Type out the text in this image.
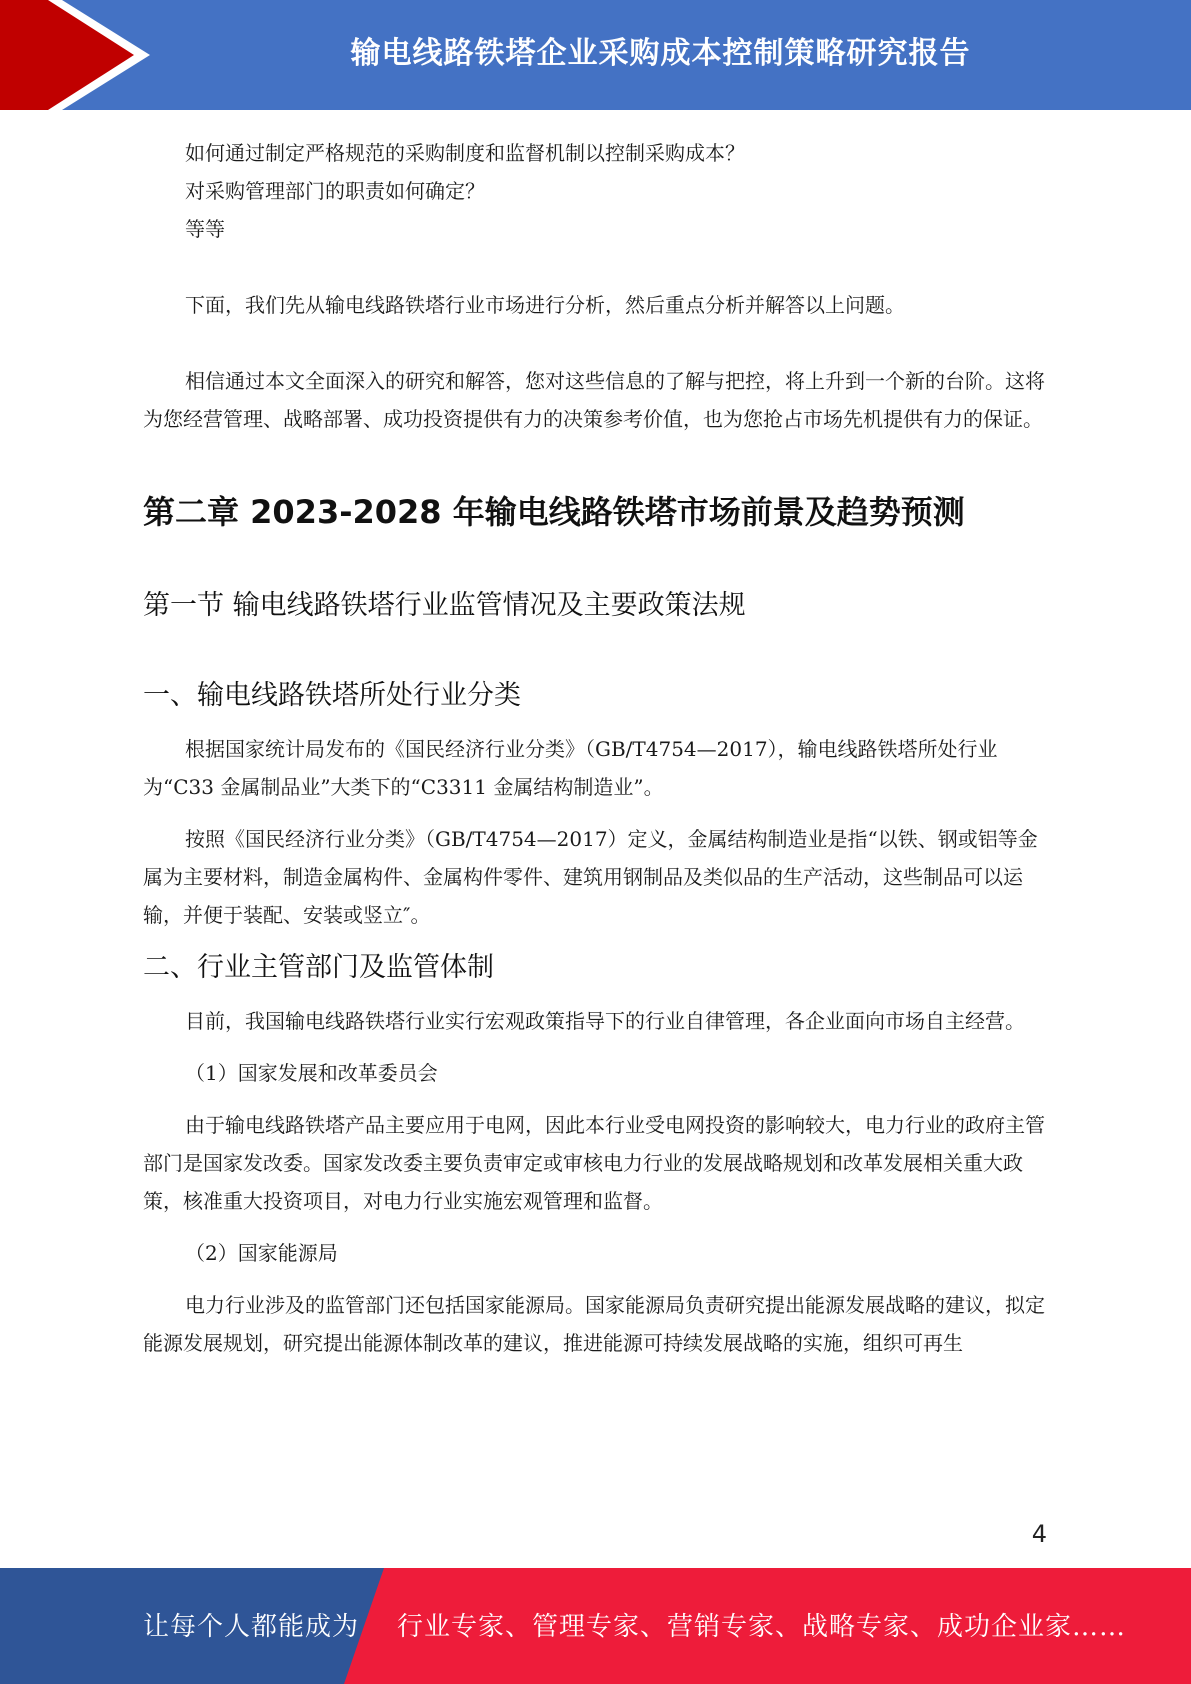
输电线路铁塔企业采购成本控制策略研究报告

如何通过制定严格规范的采购制度和监督机制以控制采购成本？

对采购管理部门的职责如何确定？

等等

下面，我们先从输电线路铁塔行业市场进行分析，然后重点分析并解答以上问题。

相信通过本文全面深入的研究和解答，您对这些信息的了解与把控，将上升到一个新的台阶。这将为您经营管理、战略部署、成功投资提供有力的决策参考价值，也为您抢占市场先机提供有力的保证。

第二章 2023-2028 年输电线路铁塔市场前景及趋势预测
第一节 输电线路铁塔行业监管情况及主要政策法规
一、输电线路铁塔所处行业分类

根据国家统计局发布的《国民经济行业分类》（GB/T4754—2017），输电线路铁塔所处行业为“C33 金属制品业”大类下的“C3311 金属结构制造业”。

按照《国民经济行业分类》（GB/T4754—2017）定义，金属结构制造业是指“以铁、钢或铝等金属为主要材料，制造金属构件、金属构件零件、建筑用钢制品及类似品的生产活动，这些制品可以运输，并便于装配、安装或竖立″。

二、行业主管部门及监管体制

目前，我国输电线路铁塔行业实行宏观政策指导下的行业自律管理，各企业面向市场自主经营。

（1）国家发展和改革委员会

由于输电线路铁塔产品主要应用于电网，因此本行业受电网投资的影响较大，电力行业的政府主管部门是国家发改委。国家发改委主要负责审定或审核电力行业的发展战略规划和改革发展相关重大政策，核准重大投资项目，对电力行业实施宏观管理和监督。

（2）国家能源局

电力行业涉及的监管部门还包括国家能源局。国家能源局负责研究提出能源发展战略的建议，拟定能源发展规划，研究提出能源体制改革的建议，推进能源可持续发展战略的实施，组织可再生

4
让每个人都能成为 行业专家、管理专家、营销专家、战略专家、成功企业家……
